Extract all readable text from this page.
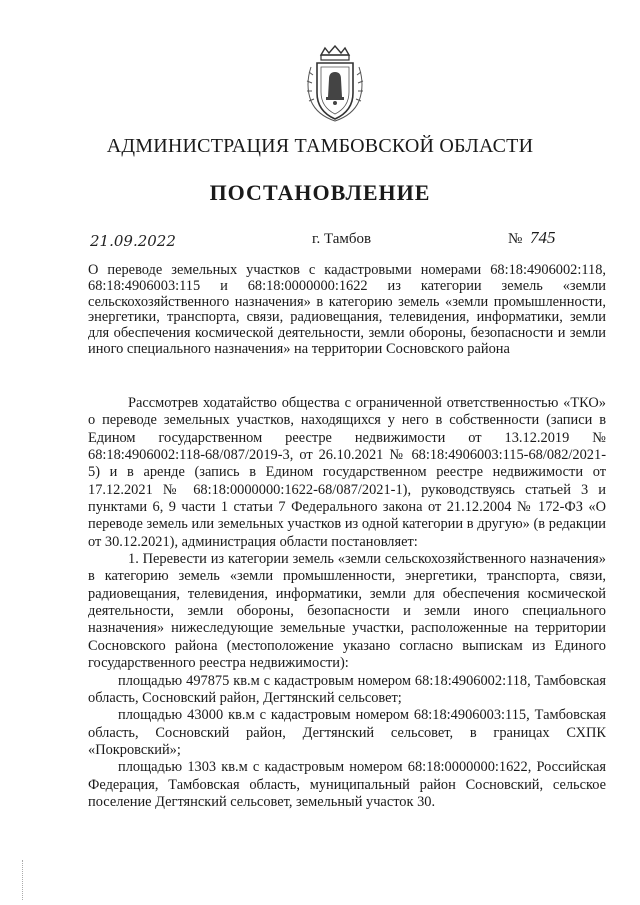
АДМИНИСТРАЦИЯ ТАМБОВСКОЙ ОБЛАСТИ
ПОСТАНОВЛЕНИЕ
21.09.2022	г. Тамбов	№ 745
О переводе земельных участков с кадастровыми номерами 68:18:4906002:118, 68:18:4906003:115 и 68:18:0000000:1622 из категории земель «земли сельскохозяйственного назначения» в категорию земель «земли промышленности, энергетики, транспорта, связи, радиовещания, телевидения, информатики, земли для обеспечения космической деятельности, земли обороны, безопасности и земли иного специального назначения» на территории Сосновского района

Рассмотрев ходатайство общества с ограниченной ответственностью «ТКО» о переводе земельных участков, находящихся у него в собственности (записи в Едином государственном реестре недвижимости от 13.12.2019 № 68:18:4906002:118-68/087/2019-3, от 26.10.2021 № 68:18:4906003:115-68/082/2021-5) и в аренде (запись в Едином государственном реестре недвижимости от 17.12.2021 № 68:18:0000000:1622-68/087/2021-1), руководствуясь статьей 3 и пунктами 6, 9 части 1 статьи 7 Федерального закона от 21.12.2004 № 172-ФЗ «О переводе земель или земельных участков из одной категории в другую» (в редакции от 30.12.2021), администрация области постановляет:

1. Перевести из категории земель «земли сельскохозяйственного назначения» в категорию земель «земли промышленности, энергетики, транспорта, связи, радиовещания, телевидения, информатики, земли для обеспечения космической деятельности, земли обороны, безопасности и земли иного специального назначения» нижеследующие земельные участки, расположенные на территории Сосновского района (местоположение указано согласно выпискам из Единого государственного реестра недвижимости):

площадью 497875 кв.м с кадастровым номером 68:18:4906002:118, Тамбовская область, Сосновский район, Дегтянский сельсовет;

площадью 43000 кв.м с кадастровым номером 68:18:4906003:115, Тамбовская область, Сосновский район, Дегтянский сельсовет, в границах СХПК «Покровский»;

площадью 1303 кв.м с кадастровым номером 68:18:0000000:1622, Российская Федерация, Тамбовская область, муниципальный район Сосновский, сельское поселение Дегтянский сельсовет, земельный участок 30.
